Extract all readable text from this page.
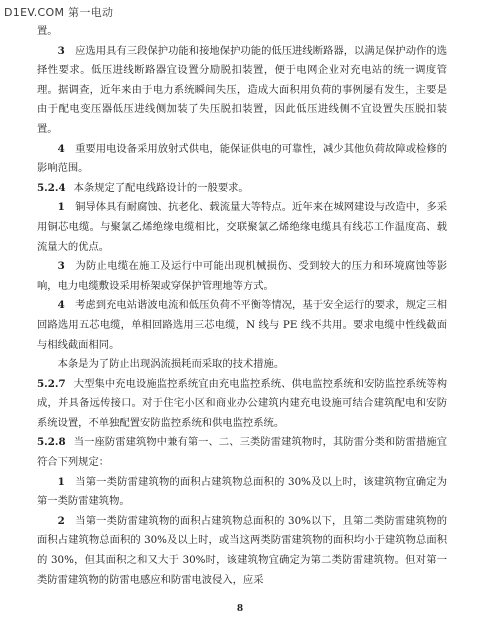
D1EV.COM 第一电动

置。

3  应选用具有三段保护功能和接地保护功能的低压进线断路器，以满足保护动作的选择性要求。低压进线断路器宜设置分励脱扣装置，便于电网企业对充电站的统一调度管理。据调查，近年来由于电力系统瞬间失压，造成大面积用负荷的事例屡有发生，主要是由于配电变压器低压进线侧加装了失压脱扣装置，因此低压进线侧不宜设置失压脱扣装置。

4  重要用电设备采用放射式供电，能保证供电的可靠性，减少其他负荷故障或检修的影响范围。

5.2.4 本条规定了配电线路设计的一般要求。

1  铜导体具有耐腐蚀、抗老化、载流量大等特点。近年来在城网建设与改造中，多采用铜芯电缆。与聚氯乙烯绝缘电缆相比，交联聚氯乙烯绝缘电缆具有线芯工作温度高、载流量大的优点。

3  为防止电缆在施工及运行中可能出现机械损伤、受到较大的压力和环境腐蚀等影响，电力电缆敷设采用桥架或穿保护管理地等方式。

4  考虑到充电站谐波电流和低压负荷不平衡等情况，基于安全运行的要求，规定三相回路选用五芯电缆，单相回路选用三芯电缆，N 线与 PE 线不共用。要求电缆中性线截面与相线截面相同。

本条是为了防止出现涡流损耗而采取的技术措施。

5.2.7 大型集中充电设施监控系统宜由充电监控系统、供电监控系统和安防监控系统等构成，并具备远传接口。对于住宅小区和商业办公建筑内建充电设施可结合建筑配电和安防系统设置，不单独配置安防监控系统和供电监控系统。

5.2.8 当一座防雷建筑物中兼有第一、二、三类防雷建筑物时，其防雷分类和防雷措施宜符合下列规定：

1  当第一类防雷建筑物的面积占建筑物总面积的 30%及以上时，该建筑物宜确定为第一类防雷建筑物。

2  当第一类防雷建筑物的面积占建筑物总面积的 30%以下，且第二类防雷建筑物的面积占建筑物总面积的 30%及以上时，或当这两类防雷建筑物的面积均小于建筑物总面积的 30%，但其面积之和又大于 30%时，该建筑物宜确定为第二类防雷建筑物。但对第一类防雷建筑物的防雷电感应和防雷电波侵入，应采

8
